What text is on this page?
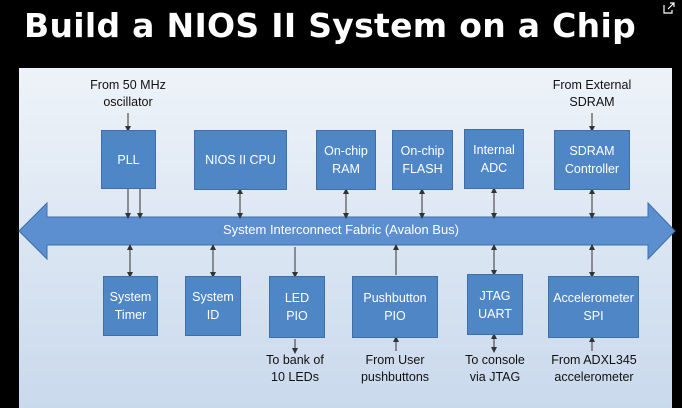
Build a NIOS II System on a Chip
System Interconnect Fabric (Avalon Bus)
PLL	NIOS II CPU
On-chip
RAM
On-chip
FLASH
Internal
ADC
SDRAM
Controller
System
Timer
System
ID
LED
PIO
Pushbutton
PIO
JTAG
UART
Accelerometer
SPI
From 50 MHz
oscillator
From External
SDRAM
To bank of
10 LEDs
From User
pushbuttons
To console
via JTAG
From ADXL345
accelerometer
